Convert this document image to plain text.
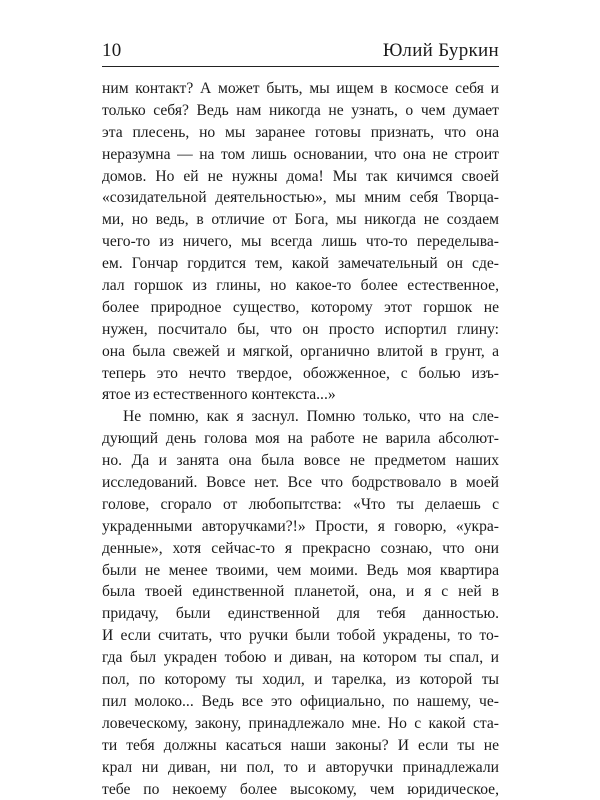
10	Юлий Буркин
ним контакт? А может быть, мы ищем в космосе себя и
только себя? Ведь нам никогда не узнать, о чем думает
эта плесень, но мы заранее готовы признать, что она
неразумна — на том лишь основании, что она не строит
домов. Но ей не нужны дома! Мы так кичимся своей
«созидательной деятельностью», мы мним себя Творца-
ми, но ведь, в отличие от Бога, мы никогда не создаем
чего-то из ничего, мы всегда лишь что-то переделыва-
ем. Гончар гордится тем, какой замечательный он сде-
лал горшок из глины, но какое-то более естественное,
более природное существо, которому этот горшок не
нужен, посчитало бы, что он просто испортил глину:
она была свежей и мягкой, органично влитой в грунт, а
теперь это нечто твердое, обожженное, с болью изъ-
ятое из естественного контекста...»
Не помню, как я заснул. Помню только, что на сле-
дующий день голова моя на работе не варила абсолют-
но. Да и занята она была вовсе не предметом наших
исследований. Вовсе нет. Все что бодрствовало в моей
голове, сгорало от любопытства: «Что ты делаешь с
украденными авторучками?!» Прости, я говорю, «укра-
денные», хотя сейчас-то я прекрасно сознаю, что они
были не менее твоими, чем моими. Ведь моя квартира
была твоей единственной планетой, она, и я с ней в
придачу, были единственной для тебя данностью.
И если считать, что ручки были тобой украдены, то то-
гда был украден тобою и диван, на котором ты спал, и
пол, по которому ты ходил, и тарелка, из которой ты
пил молоко... Ведь все это официально, по нашему, че-
ловеческому, закону, принадлежало мне. Но с какой ста-
ти тебя должны касаться наши законы? И если ты не
крал ни диван, ни пол, то и авторучки принадлежали
тебе по некоему более высокому, чем юридическое,
